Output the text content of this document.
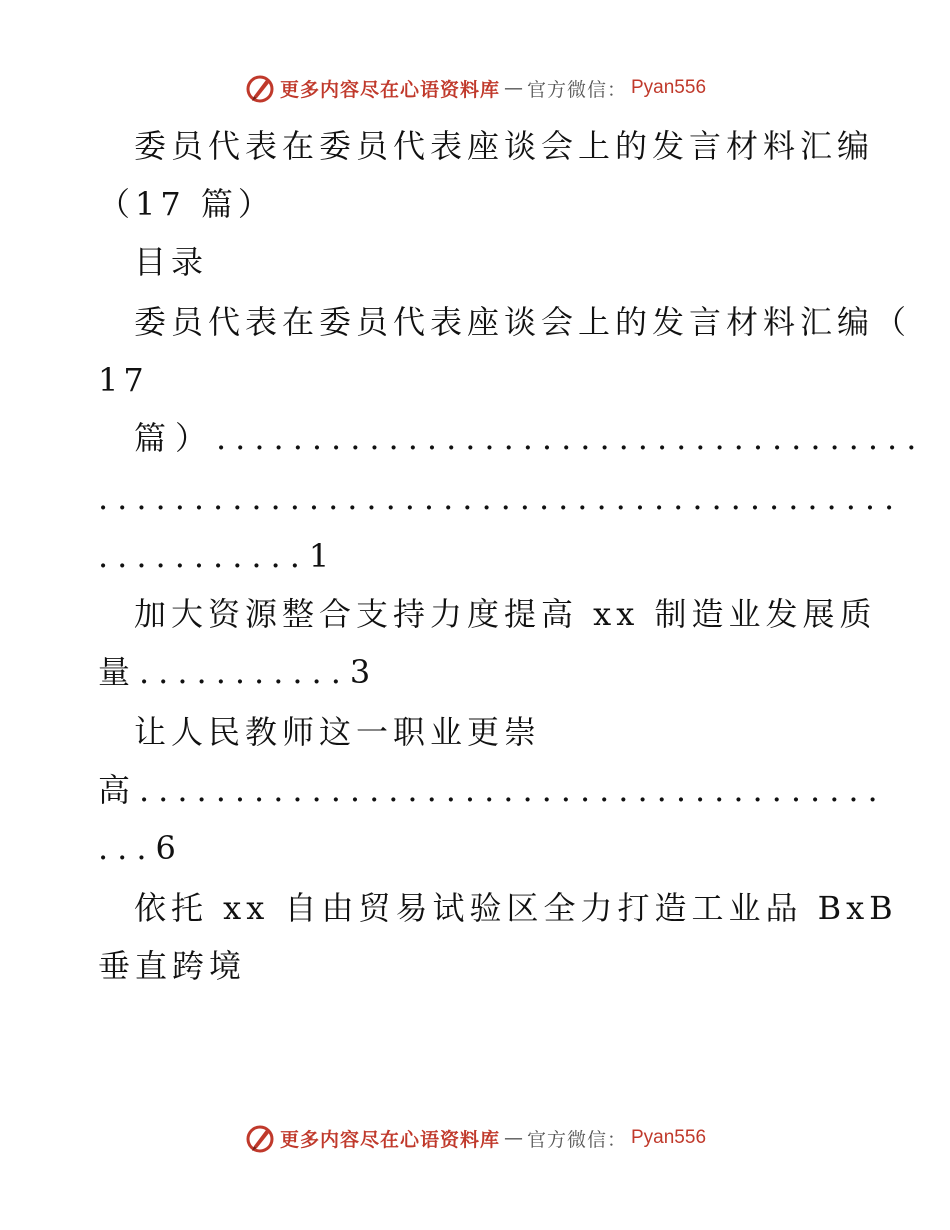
更多内容尽在心语资料库 — 官方微信： Pyan556
委员代表在委员代表座谈会上的发言材料汇编
（17 篇）
目录
委员代表在委员代表座谈会上的发言材料汇编（
17
篇）.....................................
..........................................
...........1
加大资源整合支持力度提高 xx 制造业发展质
量...........3
让人民教师这一职业更崇
高.......................................
...6
依托 xx 自由贸易试验区全力打造工业品 BxB
垂直跨境
更多内容尽在心语资料库 — 官方微信： Pyan556
